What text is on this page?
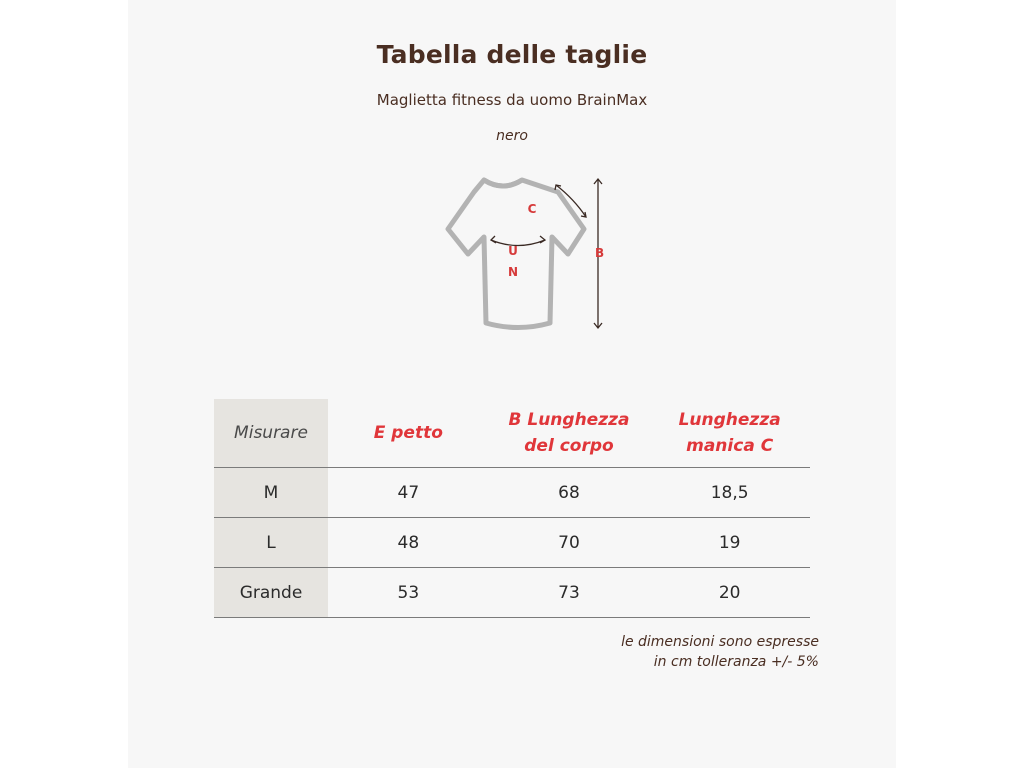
Tabella delle taglie
Maglietta fitness da uomo BrainMax
nero
U
N
C
B
Misurare	E petto	B Lunghezza del corpo	Lunghezza manica C
M	47	68	18,5
L	48	70	19
Grande	53	73	20
le dimensioni sono espresse
in cm tolleranza +/- 5%
